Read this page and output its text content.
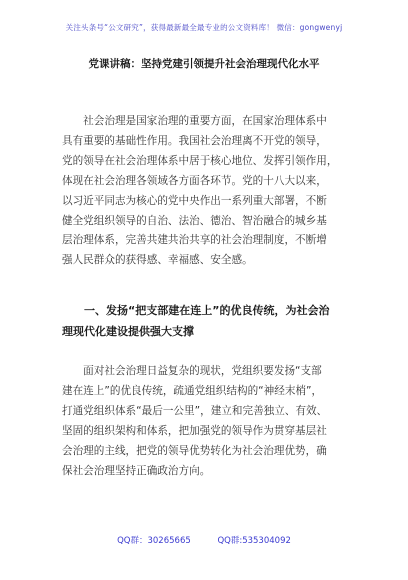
关注头条号“公文研究”，获得最新最全最专业的公文资料库！ 微信：gongwenyj
党课讲稿：坚持党建引领提升社会治理现代化水平
　　社会治理是国家治理的重要方面，在国家治理体系中
具有重要的基础性作用。我国社会治理离不开党的领导，
党的领导在社会治理体系中居于核心地位、发挥引领作用，
体现在社会治理各领域各方面各环节。党的十八大以来，
以习近平同志为核心的党中央作出一系列重大部署，不断
健全党组织领导的自治、法治、德治、智治融合的城乡基
层治理体系，完善共建共治共享的社会治理制度，不断增
强人民群众的获得感、幸福感、安全感。
　　一、发扬“把支部建在连上”的优良传统，为社会治
理现代化建设提供强大支撑
　　面对社会治理日益复杂的现状，党组织要发扬“支部
建在连上”的优良传统，疏通党组织结构的“神经末梢”，
打通党组织体系“最后一公里”，建立和完善独立、有效、
坚固的组织架构和体系，把加强党的领导作为贯穿基层社
会治理的主线，把党的领导优势转化为社会治理优势，确
保社会治理坚持正确政治方向。
QQ群：30265665	QQ群:535304092
